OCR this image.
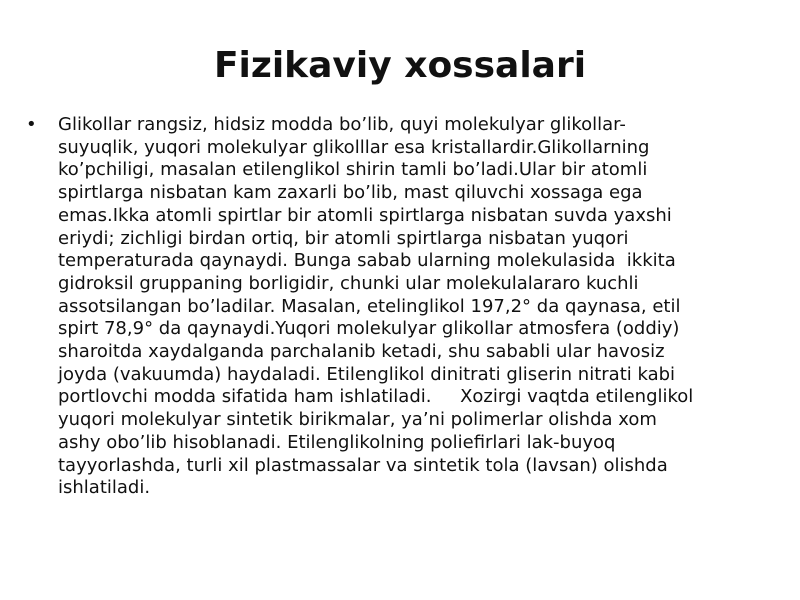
Fizikaviy xossalari
•	Glikollar rangsiz, hidsiz modda bo’lib, quyi molekulyar glikollar-
suyuqlik, yuqori molekulyar glikolllar esa kristallardir.Glikollarning
ko’pchiligi, masalan etilenglikol shirin tamli bo’ladi.Ular bir atomli
spirtlarga nisbatan kam zaxarli bo’lib, mast qiluvchi xossaga ega
emas.Ikka atomli spirtlar bir atomli spirtlarga nisbatan suvda yaxshi
eriydi; zichligi birdan ortiq, bir atomli spirtlarga nisbatan yuqori
temperaturada qaynaydi. Bunga sabab ularning molekulasida  ikkita
gidroksil gruppaning borligidir, chunki ular molekulalararo kuchli
assotsilangan bo’ladilar. Masalan, etelinglikol 197,2° da qaynasa, etil
spirt 78,9° da qaynaydi.Yuqori molekulyar glikollar atmosfera (oddiy)
sharoitda xaydalganda parchalanib ketadi, shu sababli ular havosiz
joyda (vakuumda) haydaladi. Etilenglikol dinitrati gliserin nitrati kabi
portlovchi modda sifatida ham ishlatiladi.     Xozirgi vaqtda etilenglikol
yuqori molekulyar sintetik birikmalar, ya’ni polimerlar olishda xom
ashy obo’lib hisoblanadi. Etilenglikolning poliefirlari lak-buyoq
tayyorlashda, turli xil plastmassalar va sintetik tola (lavsan) olishda
ishlatiladi.
